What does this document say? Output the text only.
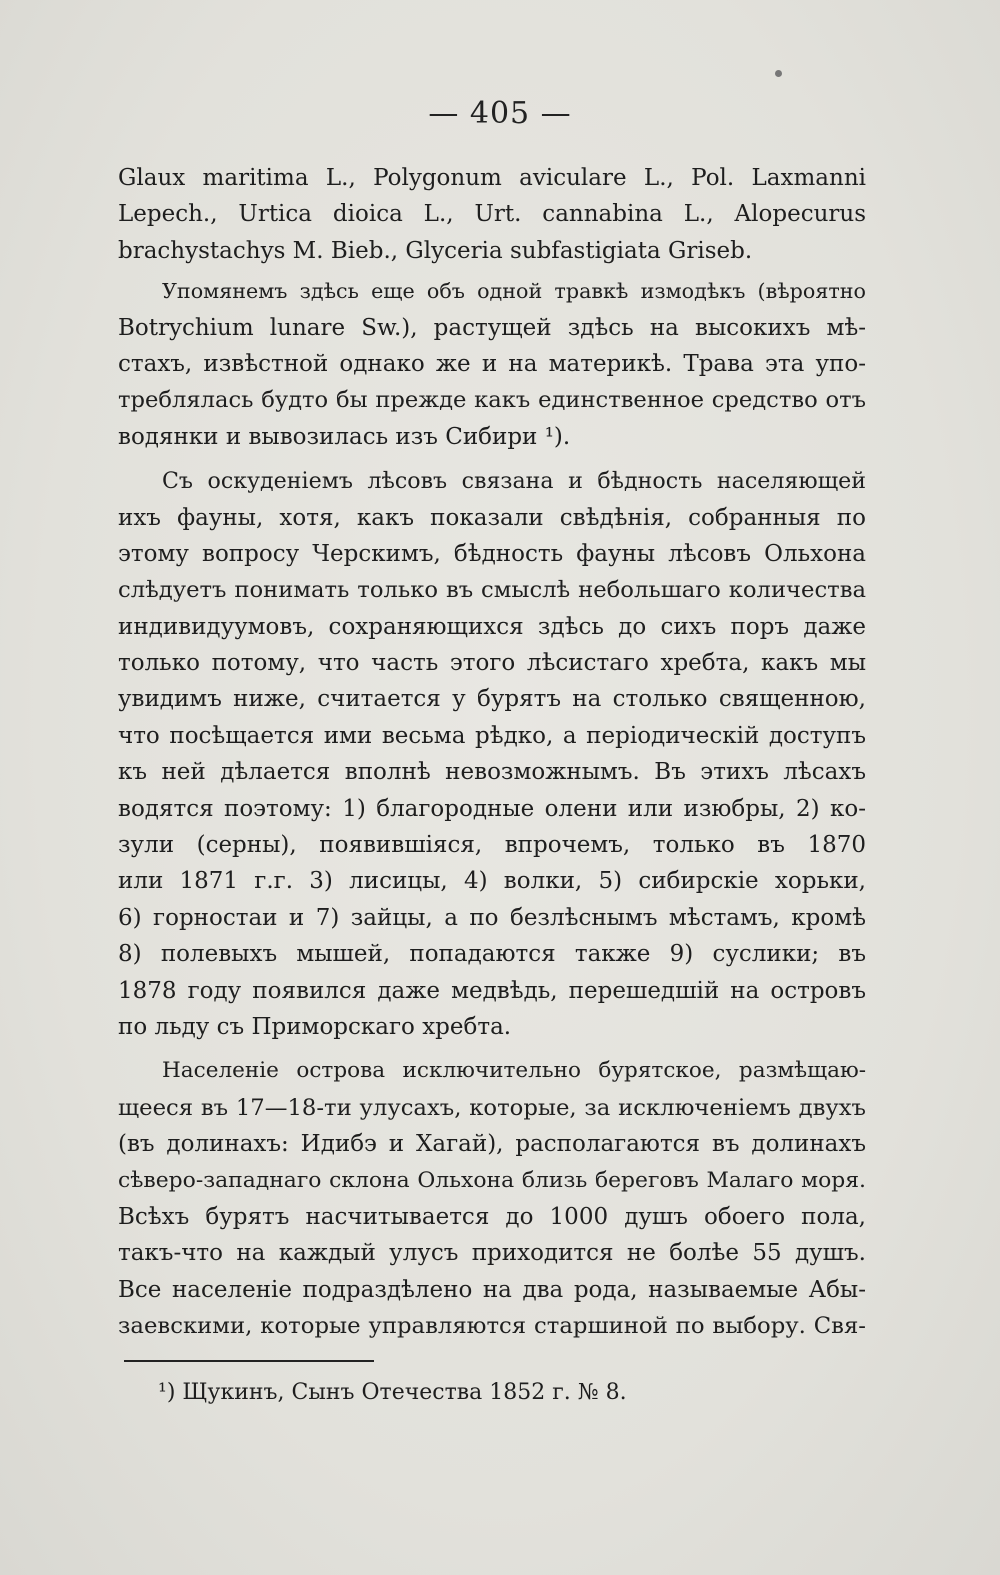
— 405 —
Glaux maritima L., Polygonum aviculare L., Pol. Laxmanni
Lepech., Urtica dioica L., Urt. cannabina L., Alopecurus
brachystachys M. Bieb., Glyceria subfastigiata Griseb.
Упомянемъ здѣсь еще объ одной травкѣ измодѣкъ (вѣроятно
Botrychium lunare Sw.), растущей здѣсь на высокихъ мѣ-
стахъ, извѣстной однако же и на материкѣ. Трава эта упо-
треблялась будто бы прежде какъ единственное средство отъ
водянки и вывозилась изъ Сибири ¹).
Съ оскуденіемъ лѣсовъ связана и бѣдность населяющей
ихъ фауны, хотя, какъ показали свѣдѣнія, собранныя по
этому вопросу Черскимъ, бѣдность фауны лѣсовъ Ольхона
слѣдуетъ понимать только въ смыслѣ небольшаго количества
индивидуумовъ, сохраняющихся здѣсь до сихъ поръ даже
только потому, что часть этого лѣсистаго хребта, какъ мы
увидимъ ниже, считается у бурятъ на столько священною,
что посѣщается ими весьма рѣдко, а періодическій доступъ
къ ней дѣлается вполнѣ невозможнымъ. Въ этихъ лѣсахъ
водятся поэтому: 1) благородные олени или изюбры, 2) ко-
зули (серны), появившіяся, впрочемъ, только въ 1870
или 1871 г.г. 3) лисицы, 4) волки, 5) сибирскіе хорьки,
6) горностаи и 7) зайцы, а по безлѣснымъ мѣстамъ, кромѣ
8) полевыхъ мышей, попадаются также 9) суслики; въ
1878 году появился даже медвѣдь, перешедшій на островъ
по льду съ Приморскаго хребта.
Населеніе острова исключительно бурятское, размѣщаю-
щееся въ 17—18-ти улусахъ, которые, за исключеніемъ двухъ
(въ долинахъ: Идибэ и Хагай), располагаются въ долинахъ
сѣверо-западнаго склона Ольхона близь береговъ Малаго моря.
Всѣхъ бурятъ насчитывается до 1000 душъ обоего пола,
такъ-что на каждый улусъ приходится не болѣе 55 душъ.
Все населеніе подраздѣлено на два рода, называемые Абы-
заевскими, которые управляются старшиной по выбору. Свя-
¹) Щукинъ, Сынъ Отечества 1852 г. № 8.
